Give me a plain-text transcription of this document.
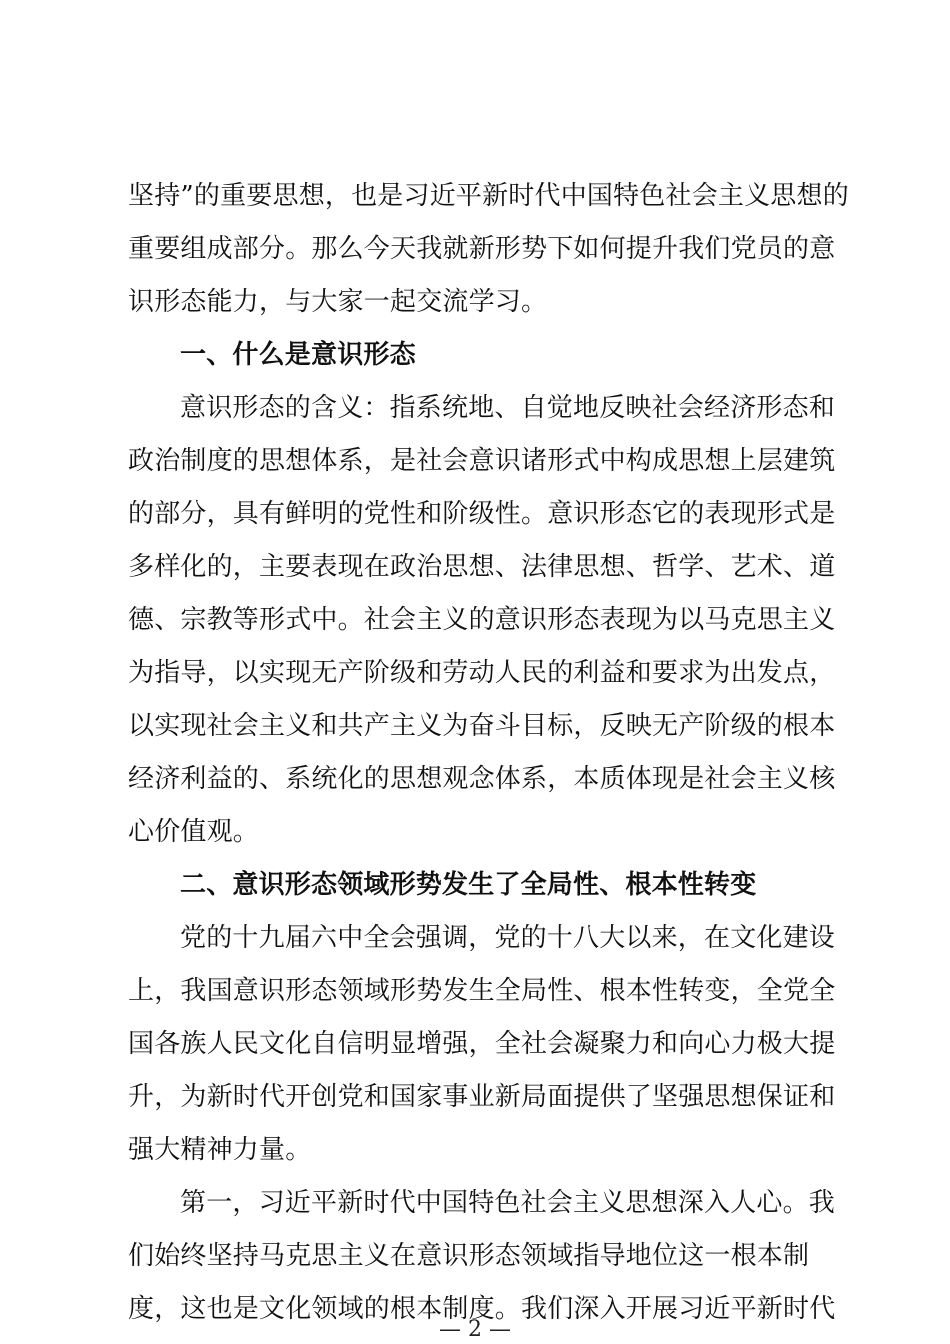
坚持”的重要思想，也是习近平新时代中国特色社会主义思想的
重要组成部分。那么今天我就新形势下如何提升我们党员的意
识形态能力，与大家一起交流学习。
一、什么是意识形态
意识形态的含义：指系统地、自觉地反映社会经济形态和
政治制度的思想体系，是社会意识诸形式中构成思想上层建筑
的部分，具有鲜明的党性和阶级性。意识形态它的表现形式是
多样化的，主要表现在政治思想、法律思想、哲学、艺术、道
德、宗教等形式中。社会主义的意识形态表现为以马克思主义
为指导，以实现无产阶级和劳动人民的利益和要求为出发点，
以实现社会主义和共产主义为奋斗目标，反映无产阶级的根本
经济利益的、系统化的思想观念体系，本质体现是社会主义核
心价值观。
二、意识形态领域形势发生了全局性、根本性转变
党的十九届六中全会强调，党的十八大以来，在文化建设
上，我国意识形态领域形势发生全局性、根本性转变，全党全
国各族人民文化自信明显增强，全社会凝聚力和向心力极大提
升，为新时代开创党和国家事业新局面提供了坚强思想保证和
强大精神力量。
第一，习近平新时代中国特色社会主义思想深入人心。我
们始终坚持马克思主义在意识形态领域指导地位这一根本制
度，这也是文化领域的根本制度。我们深入开展习近平新时代
— 2 —
